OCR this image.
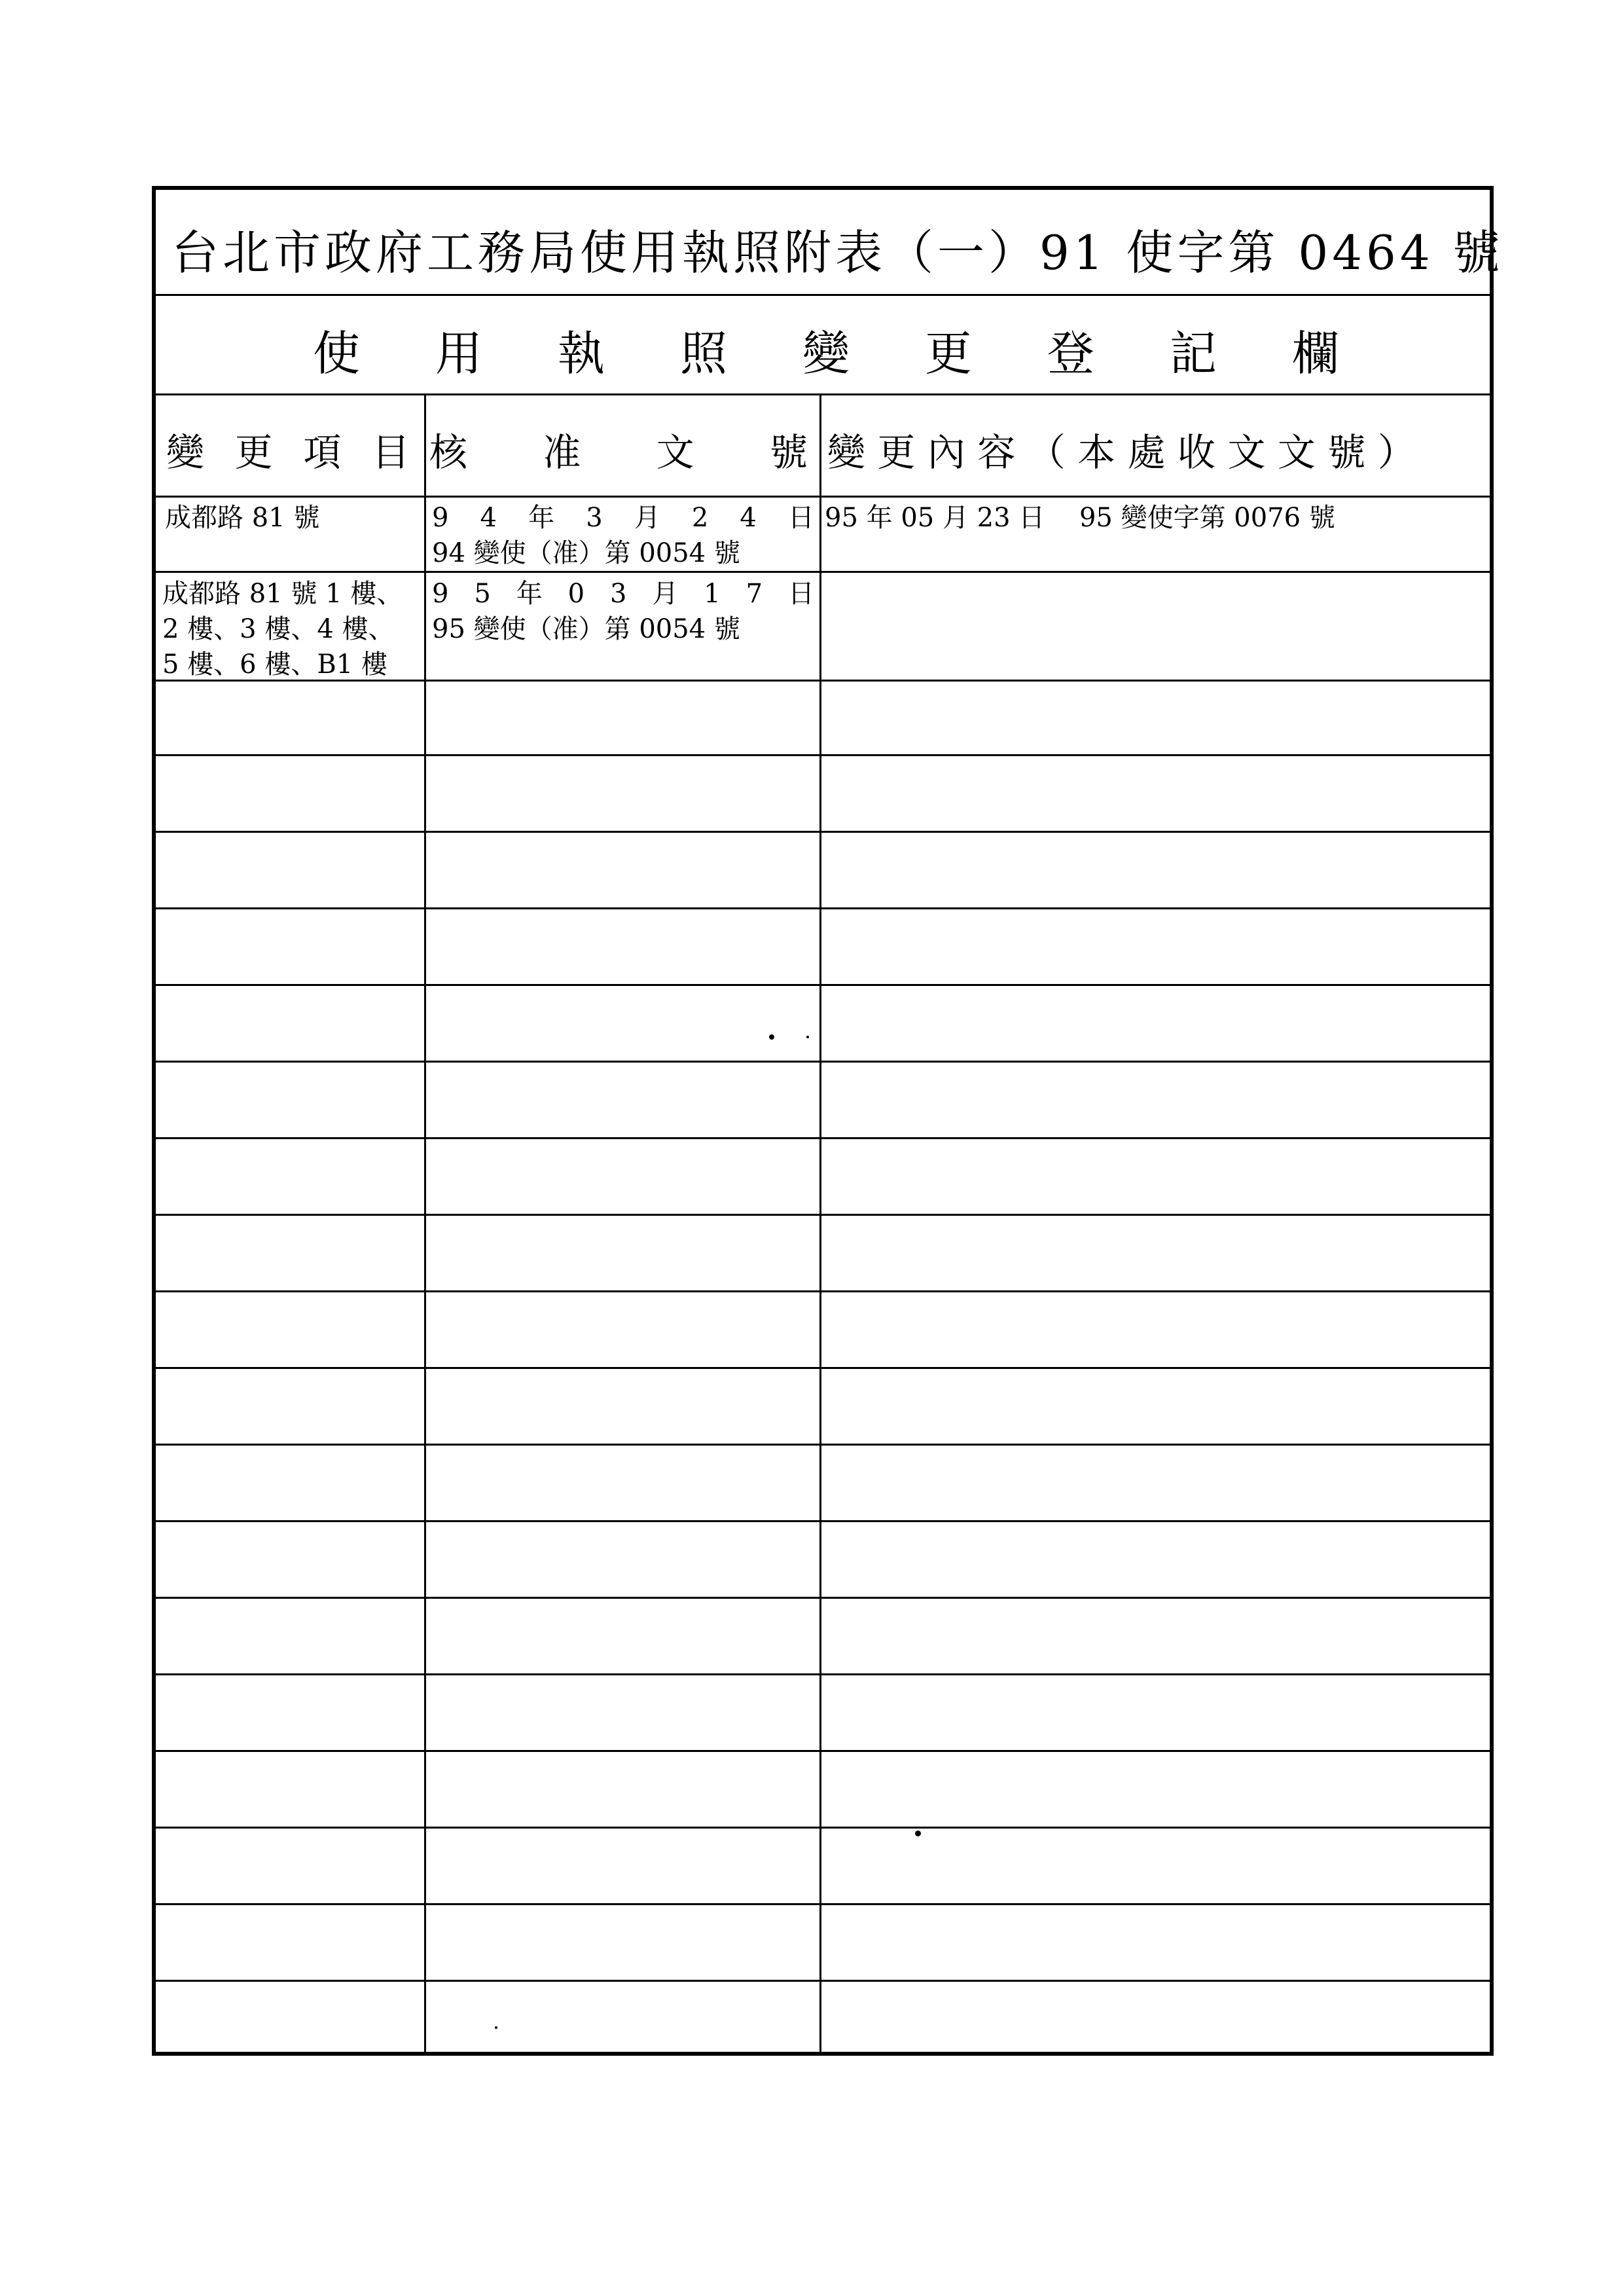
台北市政府工務局使用執照附表（一）91 使字第 0464 號
使 用 執 照 變 更 登 記 欄
變 更 項 目 核 准 文 號 變 更 內 容 （ 本 處 收 文 文 號 ）
成都路 81 號	9 4 年 3 月 2 4 日
94 變使（准）第 0054 號
95 年 05 月 23 日　 95 變使字第 0076 號
成都路 81 號 1 樓、
2 樓、3 樓、4 樓、
5 樓、6 樓、B1 樓
9 5 年 0 3 月 1 7 日
95 變使（准）第 0054 號
